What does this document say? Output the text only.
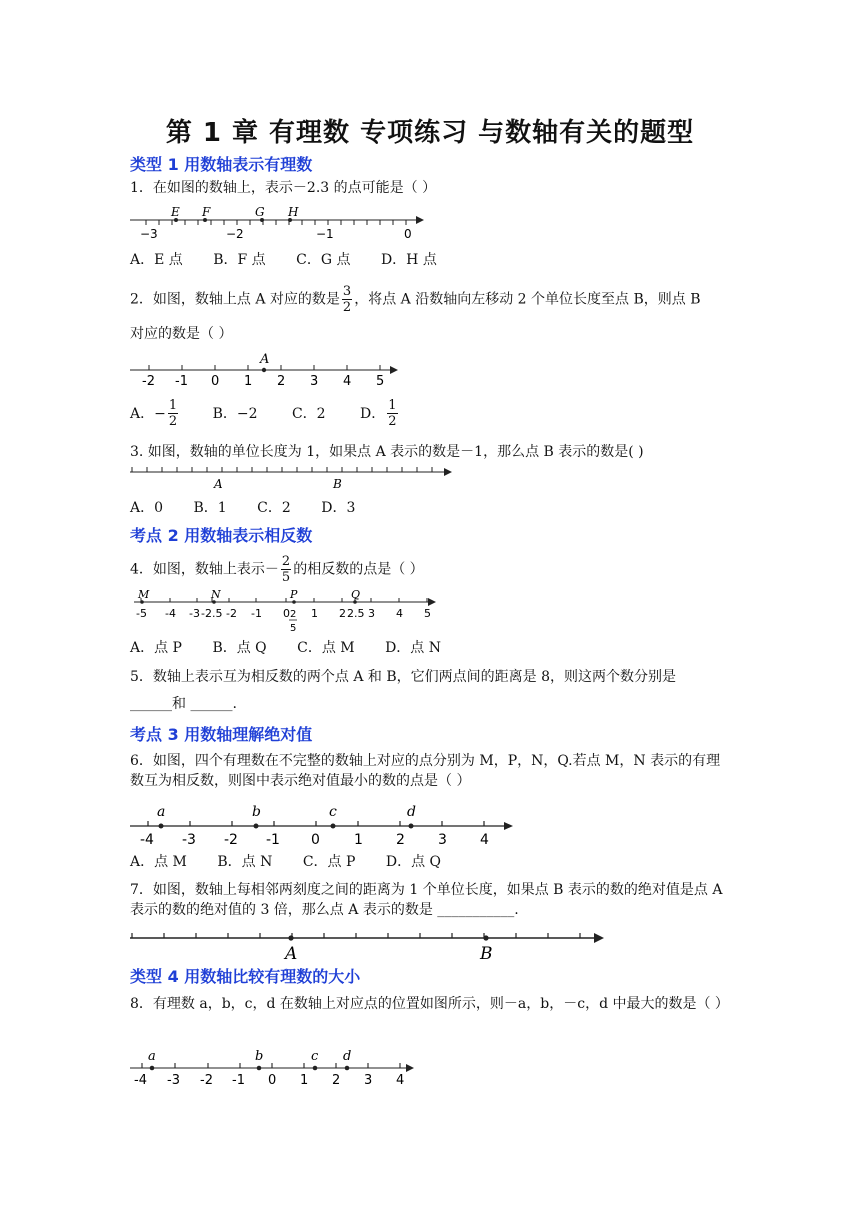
第 1 章 有理数 专项练习 与数轴有关的题型
类型 1 用数轴表示有理数
1．在如图的数轴上，表示－2.3 的点可能是（ ）
E F	G H
−3	−2	−1	0
A．E 点 B．F 点 C．G 点 D．H 点
2．如图，数轴上点 A 对应的数是 $\frac{3}{2}$ ，将点 A 沿数轴向左移动 2 个单位长度至点 B，则点 B
对应的数是（ ）
A
-2 -1 0 1 2 3 4 5
A．− $\frac{1}{2}$ B．−2 C．2 D． $\frac{1}{2}$
3. 如图，数轴的单位长度为 1，如果点 A 表示的数是－1，那么点 B 表示的数是( )
A	B
A．0 B．1 C．2 D．3
考点 2 用数轴表示相反数
4．如图，数轴上表示－ $\frac{2}{5}$ 的相反数的点是（ ）
M	N	P	Q
-5 -4 -3 -2.5 -2 -1 0 1 2 2.5 3 4 5
2
5
A．点 P B．点 Q C．点 M D．点 N
5．数轴上表示互为相反数的两个点 A 和 B，它们两点间的距离是 8，则这两个数分别是
______和 ______.
考点 3 用数轴理解绝对值
6．如图，四个有理数在不完整的数轴上对应的点分别为 M，P，N，Q.若点 M，N 表示的有理数互为相反数，则图中表示绝对值最小的数的点是（ ）
a	b	c	d
-4 -3 -2 -1 0 1 2 3 4
A．点 M B．点 N C．点 P D．点 Q
7．如图，数轴上每相邻两刻度之间的距离为 1 个单位长度，如果点 B 表示的数的绝对值是点 A 表示的数的绝对值的 3 倍，那么点 A 表示的数是 ___________.
A	B
类型 4 用数轴比较有理数的大小
8．有理数 a，b，c，d 在数轴上对应点的位置如图所示，则－a，b，－c，d 中最大的数是（ ）
a	b	c d
-4 -3 -2 -1 0 1 2 3 4
